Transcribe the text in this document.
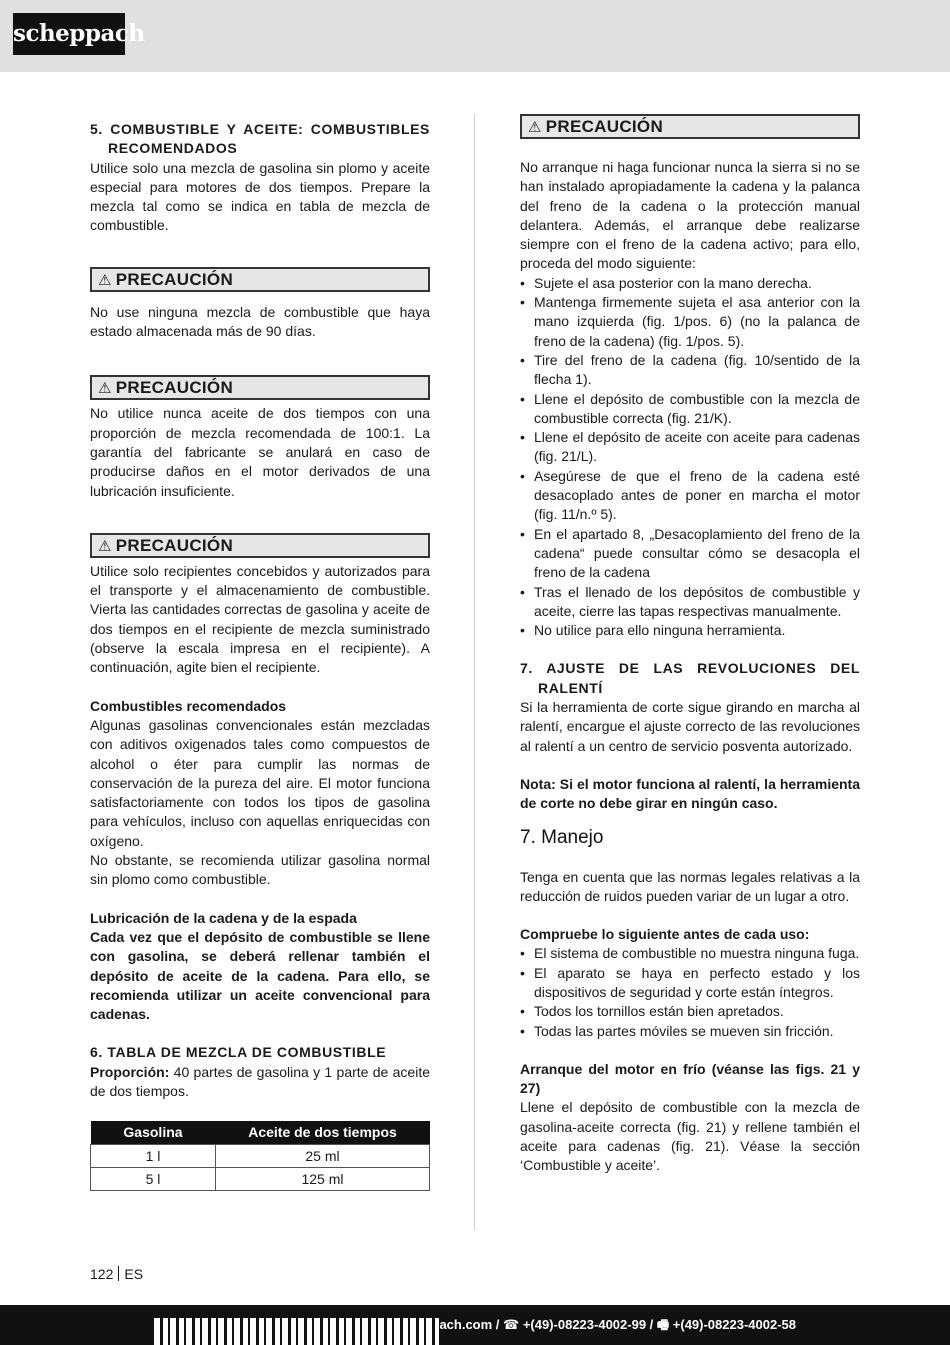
scheppach

5. COMBUSTIBLE Y ACEITE: COMBUSTIBLES RECOMENDADOS

Utilice solo una mezcla de gasolina sin plomo y aceite especial para motores de dos tiempos. Prepare la mezcla tal como se indica en tabla de mezcla de combustible.

⚠ PRECAUCIÓN

No use ninguna mezcla de combustible que haya estado almacenada más de 90 días.

⚠ PRECAUCIÓN

No utilice nunca aceite de dos tiempos con una proporción de mezcla recomendada de 100:1. La garantía del fabricante se anulará en caso de producirse daños en el motor derivados de una lubricación insuficiente.

⚠ PRECAUCIÓN

Utilice solo recipientes concebidos y autorizados para el transporte y el almacenamiento de combustible. Vierta las cantidades correctas de gasolina y aceite de dos tiempos en el recipiente de mezcla suministrado (observe la escala impresa en el recipiente). A continuación, agite bien el recipiente.

Combustibles recomendados

Algunas gasolinas convencionales están mezcladas con aditivos oxigenados tales como compuestos de alcohol o éter para cumplir las normas de conservación de la pureza del aire. El motor funciona satisfactoriamente con todos los tipos de gasolina para vehículos, incluso con aquellas enriquecidas con oxígeno.

No obstante, se recomienda utilizar gasolina normal sin plomo como combustible.

Lubricación de la cadena y de la espada

Cada vez que el depósito de combustible se llene con gasolina, se deberá rellenar también el depósito de aceite de la cadena. Para ello, se recomienda utilizar un aceite convencional para cadenas.

6. TABLA DE MEZCLA DE COMBUSTIBLE

Proporción: 40 partes de gasolina y 1 parte de aceite de dos tiempos.

Gasolina	Aceite de dos tiempos
1 l	25 ml
5 l	125 ml
⚠ PRECAUCIÓN

No arranque ni haga funcionar nunca la sierra si no se han instalado apropiadamente la cadena y la palanca del freno de la cadena o la protección manual delantera. Además, el arranque debe realizarse siempre con el freno de la cadena activo; para ello, proceda del modo siguiente:

• Sujete el asa posterior con la mano derecha.
• Mantenga firmemente sujeta el asa anterior con la mano izquierda (fig. 1/pos. 6) (no la palanca de freno de la cadena) (fig. 1/pos. 5).
• Tire del freno de la cadena (fig. 10/sentido de la flecha 1).
• Llene el depósito de combustible con la mezcla de combustible correcta (fig. 21/K).
• Llene el depósito de aceite con aceite para cadenas (fig. 21/L).
• Asegúrese de que el freno de la cadena esté desacoplado antes de poner en marcha el motor (fig. 11/n.º 5).
• En el apartado 8, „Desacoplamiento del freno de la cadena“ puede consultar cómo se desacopla el freno de la cadena
• Tras el llenado de los depósitos de combustible y aceite, cierre las tapas respectivas manualmente.
• No utilice para ello ninguna herramienta.

7. AJUSTE DE LAS REVOLUCIONES DEL RALENTÍ

Si la herramienta de corte sigue girando en marcha al ralentí, encargue el ajuste correcto de las revoluciones al ralentí a un centro de servicio posventa autorizado.

Nota: Si el motor funciona al ralentí, la herramienta de corte no debe girar en ningún caso.

7. Manejo

Tenga en cuenta que las normas legales relativas a la reducción de ruidos pueden variar de un lugar a otro.

Compruebe lo siguiente antes de cada uso:

• El sistema de combustible no muestra ninguna fuga.
• El aparato se haya en perfecto estado y los dispositivos de seguridad y corte están íntegros.
• Todos los tornillos están bien apretados.
• Todas las partes móviles se mueven sin fricción.

Arranque del motor en frío (véanse las figs. 21 y 27)

Llene el depósito de combustible con la mezcla de gasolina-aceite correcta (fig. 21) y rellene también el aceite para cadenas (fig. 21). Véase la sección ‘Combustible y aceite’.

122 ES
ach.com / ☎ +(49)-08223-4002-99 / 🖷 +(49)-08223-4002-58
